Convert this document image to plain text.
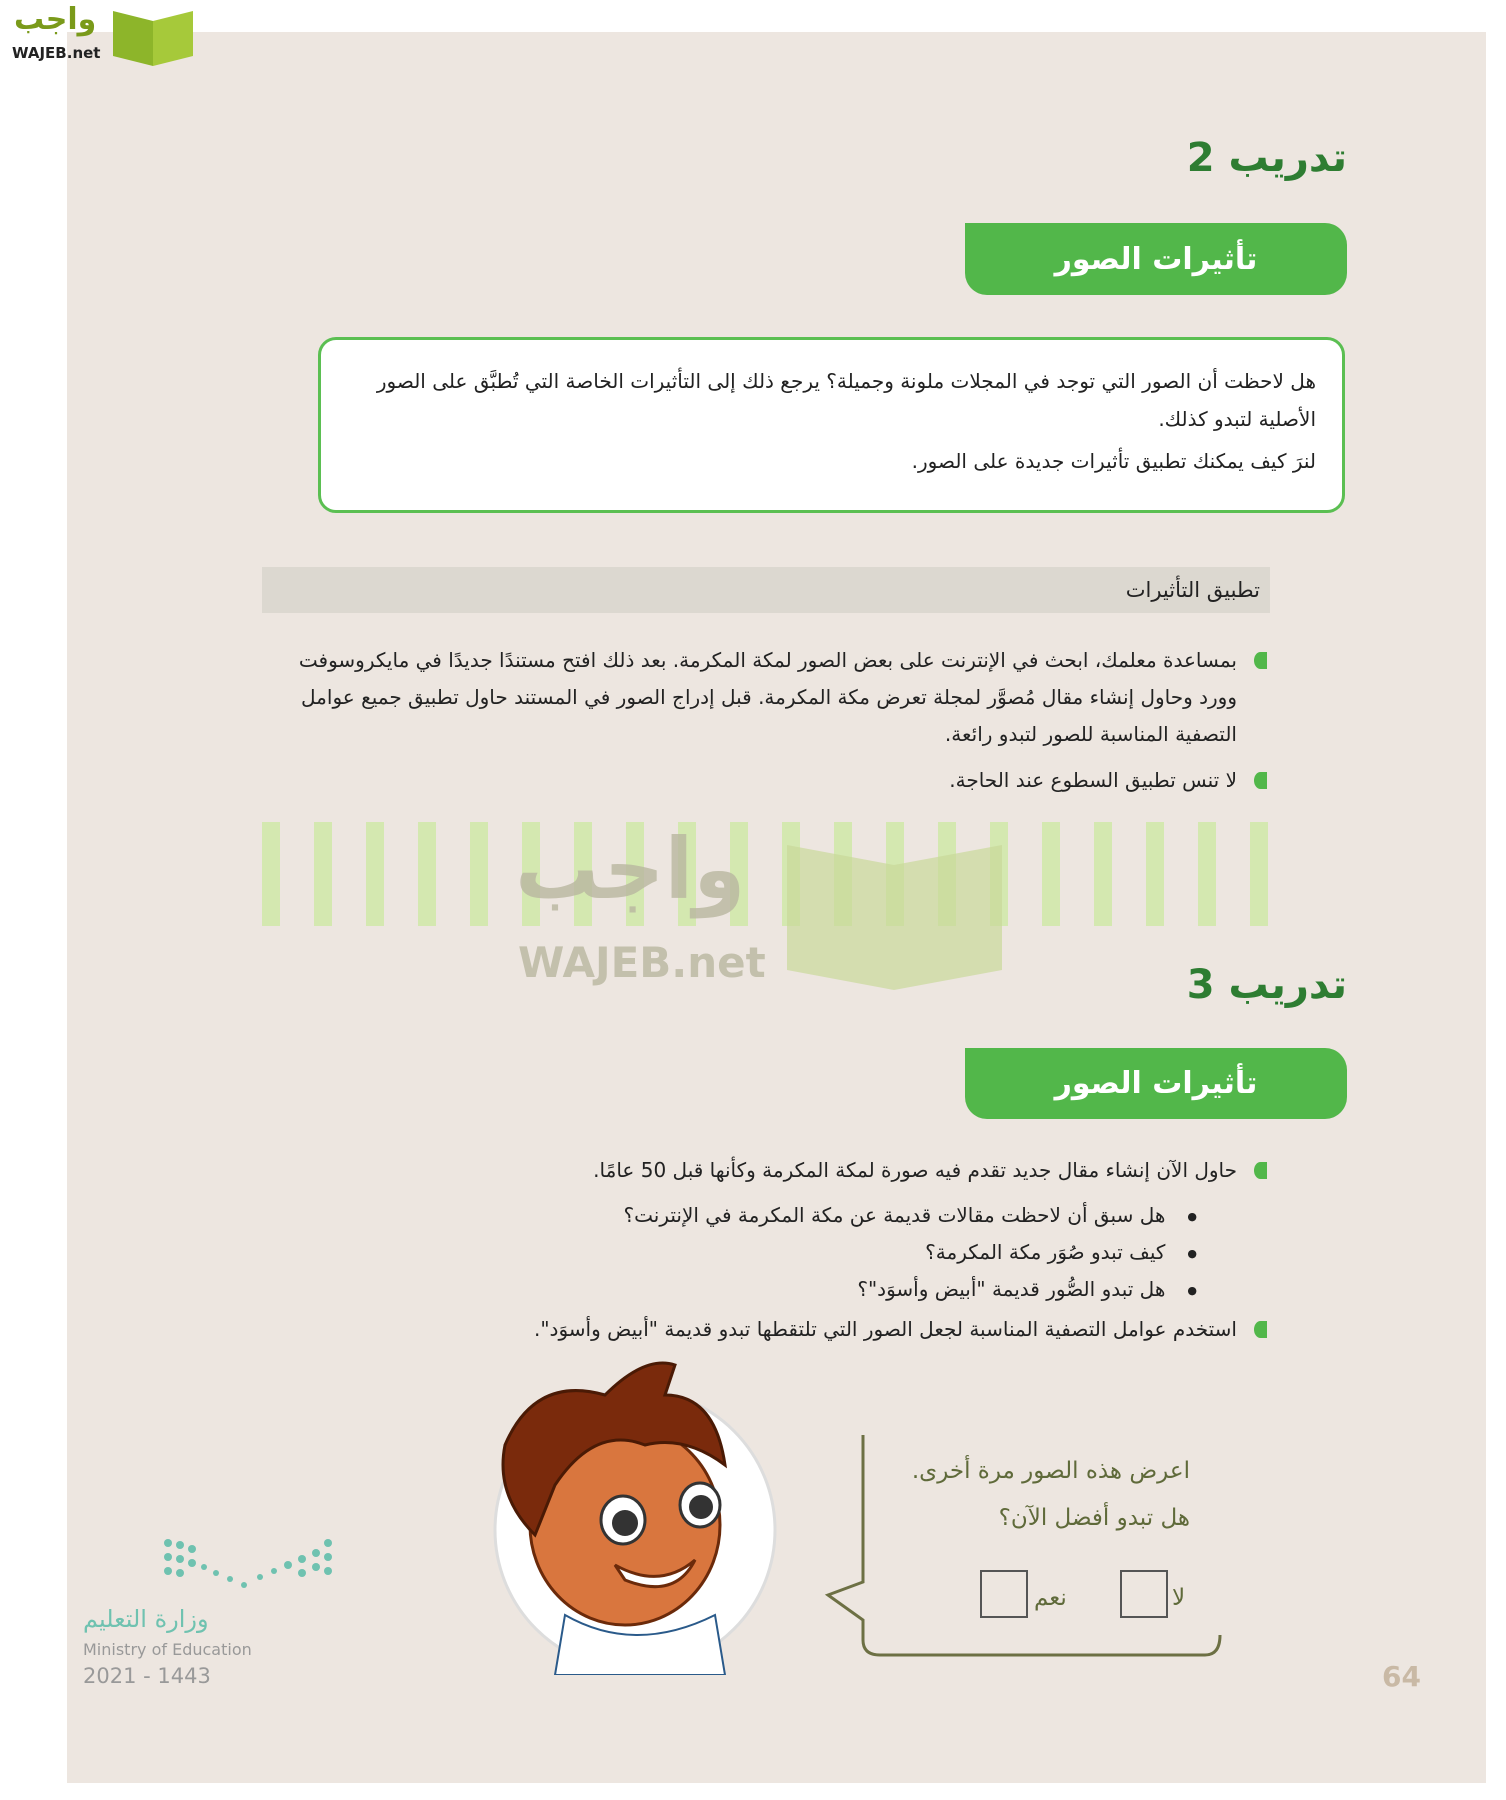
واجب
WAJEB.net
تدريب 2
تأثيرات الصور

هل لاحظت أن الصور التي توجد في المجلات ملونة وجميلة؟ يرجع ذلك إلى التأثيرات الخاصة التي تُطبَّق على الصور الأصلية لتبدو كذلك.

لنرَ كيف يمكنك تطبيق تأثيرات جديدة على الصور.

تطبيق التأثيرات
بمساعدة معلمك، ابحث في الإنترنت على بعض الصور لمكة المكرمة. بعد ذلك افتح مستندًا جديدًا في مايكروسوفت وورد وحاول إنشاء مقال مُصوَّر لمجلة تعرض مكة المكرمة. قبل إدراج الصور في المستند حاول تطبيق جميع عوامل التصفية المناسبة للصور لتبدو رائعة.
لا تنس تطبيق السطوع عند الحاجة.
واجب
WAJEB.net	تدريب 3
تأثيرات الصور
حاول الآن إنشاء مقال جديد تقدم فيه صورة لمكة المكرمة وكأنها قبل 50 عامًا.
● هل سبق أن لاحظت مقالات قديمة عن مكة المكرمة في الإنترنت؟
● كيف تبدو صُوَر مكة المكرمة؟
● هل تبدو الصُّور قديمة "أبيض وأسوَد"؟
استخدم عوامل التصفية المناسبة لجعل الصور التي تلتقطها تبدو قديمة "أبيض وأسوَد".
اعرض هذه الصور مرة أخرى.
هل تبدو أفضل الآن؟
لا
نعم
وزارة التعليم
Ministry of Education
2021 - 1443	64
